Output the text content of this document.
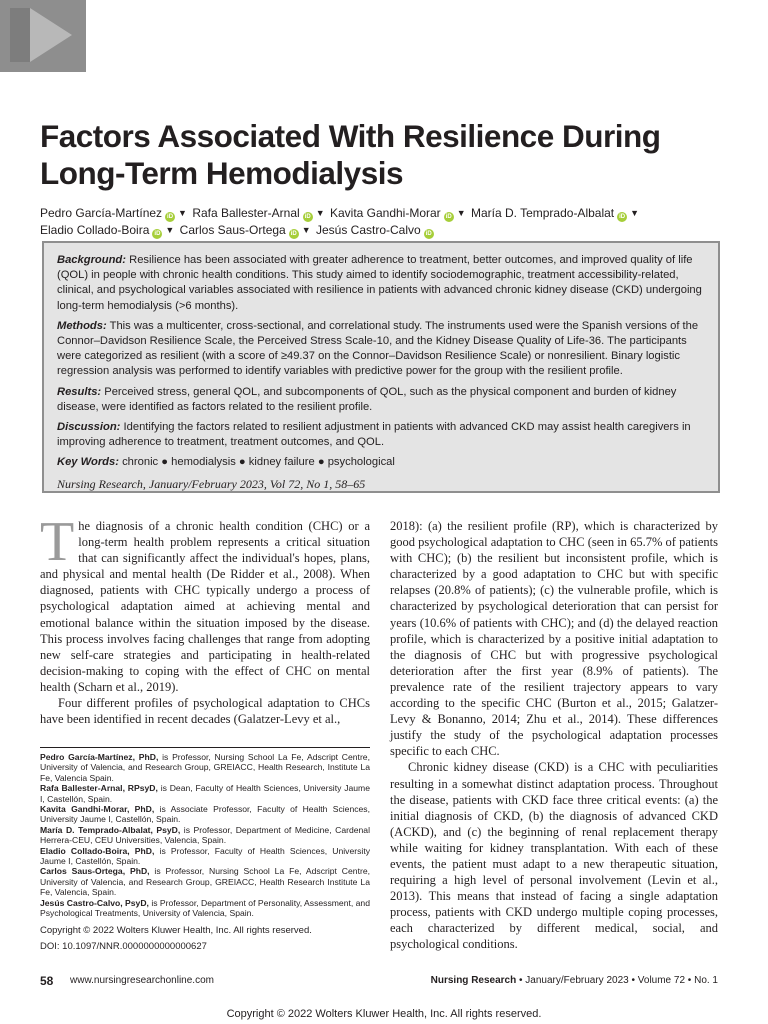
Factors Associated With Resilience During Long-Term Hemodialysis

Pedro García-Martínez iD ▼ Rafa Ballester-Arnal iD ▼ Kavita Gandhi-Morar iD ▼ María D. Temprado-Albalat iD ▼
Eladio Collado-Boira iD ▼ Carlos Saus-Ortega iD ▼ Jesús Castro-Calvo iD

Background: Resilience has been associated with greater adherence to treatment, better outcomes, and improved quality of life (QOL) in people with chronic health conditions. This study aimed to identify sociodemographic, treatment accessibility-related, clinical, and psychological variables associated with resilience in patients with advanced chronic kidney disease (CKD) undergoing long-term hemodialysis (>6 months).

Methods: This was a multicenter, cross-sectional, and correlational study. The instruments used were the Spanish versions of the Connor–Davidson Resilience Scale, the Perceived Stress Scale-10, and the Kidney Disease Quality of Life-36. The participants were categorized as resilient (with a score of ≥49.37 on the Connor–Davidson Resilience Scale) or nonresilient. Binary logistic regression analysis was performed to identify variables with predictive power for the group with the resilient profile.

Results: Perceived stress, general QOL, and subcomponents of QOL, such as the physical component and burden of kidney disease, were identified as factors related to the resilient profile.

Discussion: Identifying the factors related to resilient adjustment in patients with advanced CKD may assist health caregivers in improving adherence to treatment, treatment outcomes, and QOL.

Key Words: chronic ● hemodialysis ● kidney failure ● psychological

Nursing Research, January/February 2023, Vol 72, No 1, 58–65

The diagnosis of a chronic health condition (CHC) or a long-term health problem represents a critical situation that can significantly affect the individual's hopes, plans, and physical and mental health (De Ridder et al., 2008). When diagnosed, patients with CHC typically undergo a process of psychological adaptation aimed at achieving mental and emotional balance within the situation imposed by the disease. This process involves facing challenges that range from adopting new self-care strategies and participating in health-related decision-making to coping with the effect of CHC on mental health (Scharn et al., 2019).

Four different profiles of psychological adaptation to CHCs have been identified in recent decades (Galatzer-Levy et al.,

Pedro García-Martínez, PhD, is Professor, Nursing School La Fe, Adscript Centre, University of Valencia, and Research Group, GREIACC, Health Research, Institute La Fe, Valencia Spain.

Rafa Ballester-Arnal, RPsyD, is Dean, Faculty of Health Sciences, University Jaume I, Castellón, Spain.

Kavita Gandhi-Morar, PhD, is Associate Professor, Faculty of Health Sciences, University Jaume I, Castellón, Spain.

María D. Temprado-Albalat, PsyD, is Professor, Department of Medicine, Cardenal Herrera-CEU, CEU Universities, Valencia, Spain.

Eladio Collado-Boira, PhD, is Professor, Faculty of Health Sciences, University Jaume I, Castellón, Spain.

Carlos Saus-Ortega, PhD, is Professor, Nursing School La Fe, Adscript Centre, University of Valencia, and Research Group, GREIACC, Health Research Institute La Fe, Valencia, Spain.

Jesús Castro-Calvo, PsyD, is Professor, Department of Personality, Assessment, and Psychological Treatments, University of Valencia, Spain.

Copyright © 2022 Wolters Kluwer Health, Inc. All rights reserved.

DOI: 10.1097/NNR.0000000000000627

2018): (a) the resilient profile (RP), which is characterized by good psychological adaptation to CHC (seen in 65.7% of patients with CHC); (b) the resilient but inconsistent profile, which is characterized by a good adaptation to CHC but with specific relapses (20.8% of patients); (c) the vulnerable profile, which is characterized by psychological deterioration that can persist for years (10.6% of patients with CHC); and (d) the delayed reaction profile, which is characterized by a positive initial adaptation to the diagnosis of CHC but with progressive psychological deterioration after the first year (8.9% of patients). The prevalence rate of the resilient trajectory appears to vary according to the specific CHC (Burton et al., 2015; Galatzer-Levy & Bonanno, 2014; Zhu et al., 2014). These differences justify the study of the psychological adaptation processes specific to each CHC.

Chronic kidney disease (CKD) is a CHC with peculiarities resulting in a somewhat distinct adaptation process. Throughout the disease, patients with CKD face three critical events: (a) the initial diagnosis of CKD, (b) the diagnosis of advanced CKD (ACKD), and (c) the beginning of renal replacement therapy while waiting for kidney transplantation. With each of these events, the patient must adapt to a new therapeutic situation, requiring a high level of personal involvement (Levin et al., 2013). This means that instead of facing a single adaptation process, patients with CKD undergo multiple coping processes, each characterized by different medical, social, and psychological conditions.

58 www.nursingresearchonline.com	Nursing Research • January/February 2023 • Volume 72 • No. 1

Copyright © 2022 Wolters Kluwer Health, Inc. All rights reserved.
